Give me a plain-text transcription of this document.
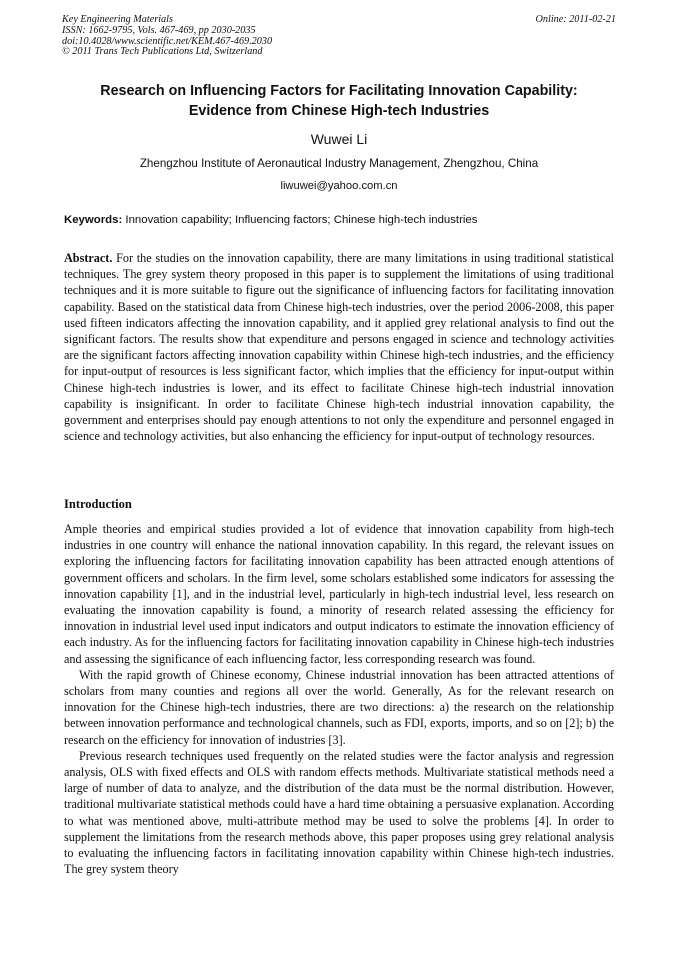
Key Engineering Materials
ISSN: 1662-9795, Vols. 467-469, pp 2030-2035
doi:10.4028/www.scientific.net/KEM.467-469.2030
© 2011 Trans Tech Publications Ltd, Switzerland
Online: 2011-02-21
Research on Influencing Factors for Facilitating Innovation Capability:
Evidence from Chinese High-tech Industries
Wuwei Li
Zhengzhou Institute of Aeronautical Industry Management, Zhengzhou, China
liwuwei@yahoo.com.cn
Keywords: Innovation capability; Influencing factors; Chinese high-tech industries
Abstract. For the studies on the innovation capability, there are many limitations in using traditional statistical techniques. The grey system theory proposed in this paper is to supplement the limitations of using traditional techniques and it is more suitable to figure out the significance of influencing factors for facilitating innovation capability. Based on the statistical data from Chinese high-tech industries, over the period 2006-2008, this paper used fifteen indicators affecting the innovation capability, and it applied grey relational analysis to find out the significant factors. The results show that expenditure and persons engaged in science and technology activities are the significant factors affecting innovation capability within Chinese high-tech industries, and the efficiency for input-output of resources is less significant factor, which implies that the efficiency for input-output within Chinese high-tech industries is lower, and its effect to facilitate Chinese high-tech industrial innovation capability is insignificant. In order to facilitate Chinese high-tech industrial innovation capability, the government and enterprises should pay enough attentions to not only the expenditure and personnel engaged in science and technology activities, but also enhancing the efficiency for input-output of technology resources.
Introduction

Ample theories and empirical studies provided a lot of evidence that innovation capability from high-tech industries in one country will enhance the national innovation capability. In this regard, the relevant issues on exploring the influencing factors for facilitating innovation capability has been attracted enough attentions of government officers and scholars. In the firm level, some scholars established some indicators for assessing the innovation capability [1], and in the industrial level, particularly in high-tech industrial level, less research on evaluating the innovation capability is found, a minority of research related assessing the efficiency for innovation in industrial level used input indicators and output indicators to estimate the innovation efficiency of each industry. As for the influencing factors for facilitating innovation capability in Chinese high-tech industries and assessing the significance of each influencing factor, less corresponding research was found.

With the rapid growth of Chinese economy, Chinese industrial innovation has been attracted attentions of scholars from many counties and regions all over the world. Generally, As for the relevant research on innovation for the Chinese high-tech industries, there are two directions: a) the research on the relationship between innovation performance and technological channels, such as FDI, exports, imports, and so on [2]; b) the research on the efficiency for innovation of industries [3].

Previous research techniques used frequently on the related studies were the factor analysis and regression analysis, OLS with fixed effects and OLS with random effects methods. Multivariate statistical methods need a large of number of data to analyze, and the distribution of the data must be the normal distribution. However, traditional multivariate statistical methods could have a hard time obtaining a persuasive explanation. According to what was mentioned above, multi-attribute method may be used to solve the problems [4]. In order to supplement the limitations from the research methods above, this paper proposes using grey relational analysis to evaluating the influencing factors in facilitating innovation capability within Chinese high-tech industries. The grey system theory
